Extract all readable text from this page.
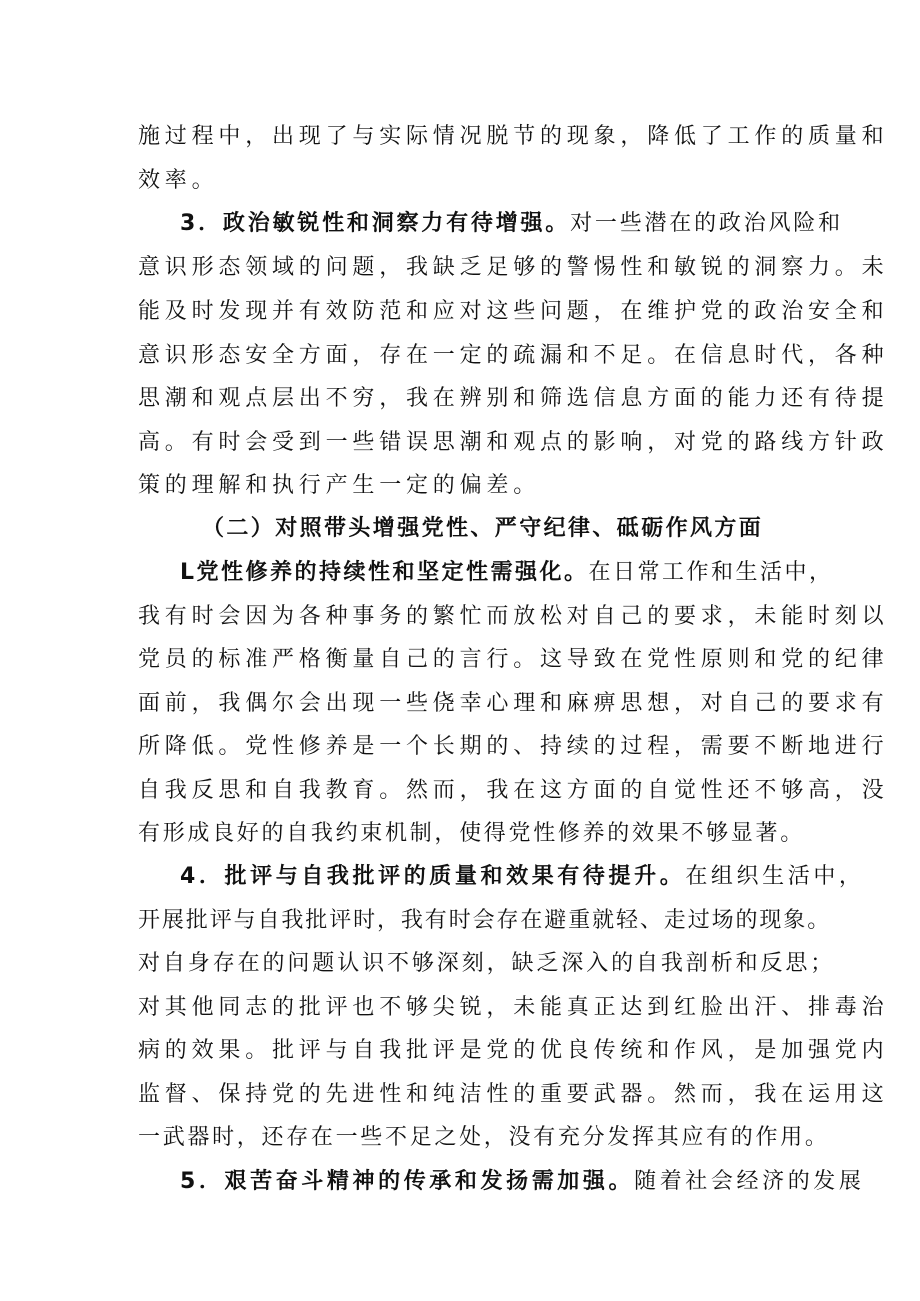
施过程中，出现了与实际情况脱节的现象，降低了工作的质量和
效率。
3．政治敏锐性和洞察力有待增强。对一些潜在的政治风险和
意识形态领域的问题，我缺乏足够的警惕性和敏锐的洞察力。未
能及时发现并有效防范和应对这些问题，在维护党的政治安全和
意识形态安全方面，存在一定的疏漏和不足。在信息时代，各种
思潮和观点层出不穷，我在辨别和筛选信息方面的能力还有待提
高。有时会受到一些错误思潮和观点的影响，对党的路线方针政
策的理解和执行产生一定的偏差。
（二）对照带头增强党性、严守纪律、砥砺作风方面
L党性修养的持续性和坚定性需强化。在日常工作和生活中，
我有时会因为各种事务的繁忙而放松对自己的要求，未能时刻以
党员的标准严格衡量自己的言行。这导致在党性原则和党的纪律
面前，我偶尔会出现一些侥幸心理和麻痹思想，对自己的要求有
所降低。党性修养是一个长期的、持续的过程，需要不断地进行
自我反思和自我教育。然而，我在这方面的自觉性还不够高，没
有形成良好的自我约束机制，使得党性修养的效果不够显著。
4．批评与自我批评的质量和效果有待提升。在组织生活中，
开展批评与自我批评时，我有时会存在避重就轻、走过场的现象。
对自身存在的问题认识不够深刻，缺乏深入的自我剖析和反思；
对其他同志的批评也不够尖锐，未能真正达到红脸出汗、排毒治
病的效果。批评与自我批评是党的优良传统和作风，是加强党内
监督、保持党的先进性和纯洁性的重要武器。然而，我在运用这
一武器时，还存在一些不足之处，没有充分发挥其应有的作用。
5．艰苦奋斗精神的传承和发扬需加强。随着社会经济的发展
